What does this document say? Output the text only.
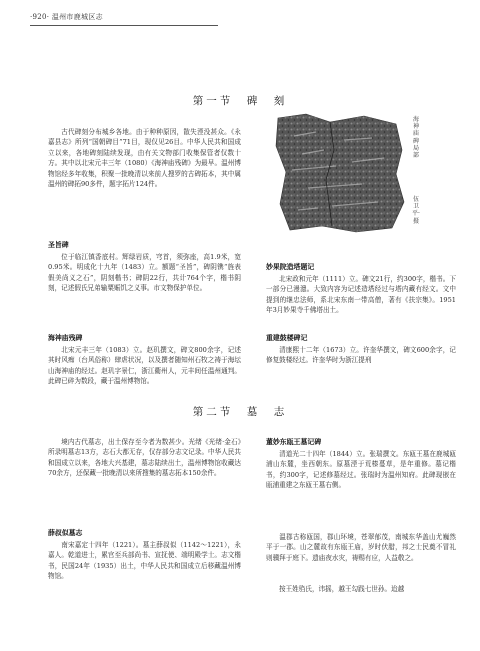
·920· 温州市鹿城区志
第一节　碑　刻

古代碑刻分布城乡各地。由于种种原因，散失湮没甚众。《永嘉县志》所列“国朝碑目”71目，现仅见26目。中华人民共和国成立以来，各地碑刻陆续发现，由有关文物部门收集保管者仅数十方。其中以北宋元丰三年（1080）《海神庙残碑》为最早。温州博物馆经多年收集，积聚一批晚清以来前人搜罗的古碑拓本，其中属温州的碑拓90多件，题字拓片124件。

圣旨碑

位于临江镇香底村。辉绿岩质，穹首，须弥座，高1.9米，宽0.95米。明成化十九年（1483）立。额题“圣旨”，碑阴镌“旌表假美尚义之石”，阴刻楷书；碑阴22行，共计764个字，楷书阴刻，记述假氏兄弟输粟赈饥之义事。市文物保护单位。

海神庙残碑

北宋元丰三年（1083）立。赵玑撰文，碑文800余字，记述其时风痴（台风俗称）肆虐状况，以及撰者随知州石牧之祷于海坛山海神庙的经过。赵玑字景仁，浙江衢州人，元丰间任温州通判。此碑已碎为数段，藏于温州博物馆。

海神庙碑局部
伍卫平·摄
妙果院造塔题记

北宋政和元年（1111）立。碑文21行，约300字，楷书。下一部分已漫漶。大致内容为记述造塔经过与塔内藏有经文。文中提到的继忠法师，系北宋东南一带高僧，著有《扶宗集》。1951年3月妙果寺千佛塔出土。

重建鼓楼碑记

清康熙十二年（1673）立。许奎华撰文，碑文600余字，记修复鼓楼经过。许奎华时为浙江提刑

第二节　墓　志

境内古代墓志，出土保存至今者为数甚少。光绪《光绪·金石》所录明墓志13方，志石大都无存，仅存部分志文记录。中华人民共和国成立以来，各地大兴基建，墓志陆续出土，温州博物馆收藏达70余方，还保藏一批晚清以来所搜集的墓志拓本150余件。

薛叔似墓志

南宋嘉定十四年（1221）。墓主薛叔似（1142～1221），永嘉人。乾道进士，累官至兵部尚书、宣抚使、端明殿学士。志文楷书，民国24年（1935）出土，中华人民共和国成立后移藏温州博物馆。

董妙东瓯王墓记碑

清道光二十四年（1844）立。张瑞撰文。东瓯王墓在鹿城瓯浦山东麓，坐西朝东。原墓湮于荒榛蔓草，是年重修。墓记楷书，约300字，记述修墓经过。张瑞时为温州知府。此碑现嵌在瓯浦重建之东瓯王墓右侧。

温郡古称瓯国，郡山环境，苍翠郁茂，南城东华盖山尤巍然平于一郡。山之麓故有东瓯王庙，岁时伏腊，邦之士民奠不冒礼则骥拜于庭下。遗庙夜水灾，祷赐有应，人益敬之。

按王姓驺氏，讳摇，越王勾践七世孙。迨越
